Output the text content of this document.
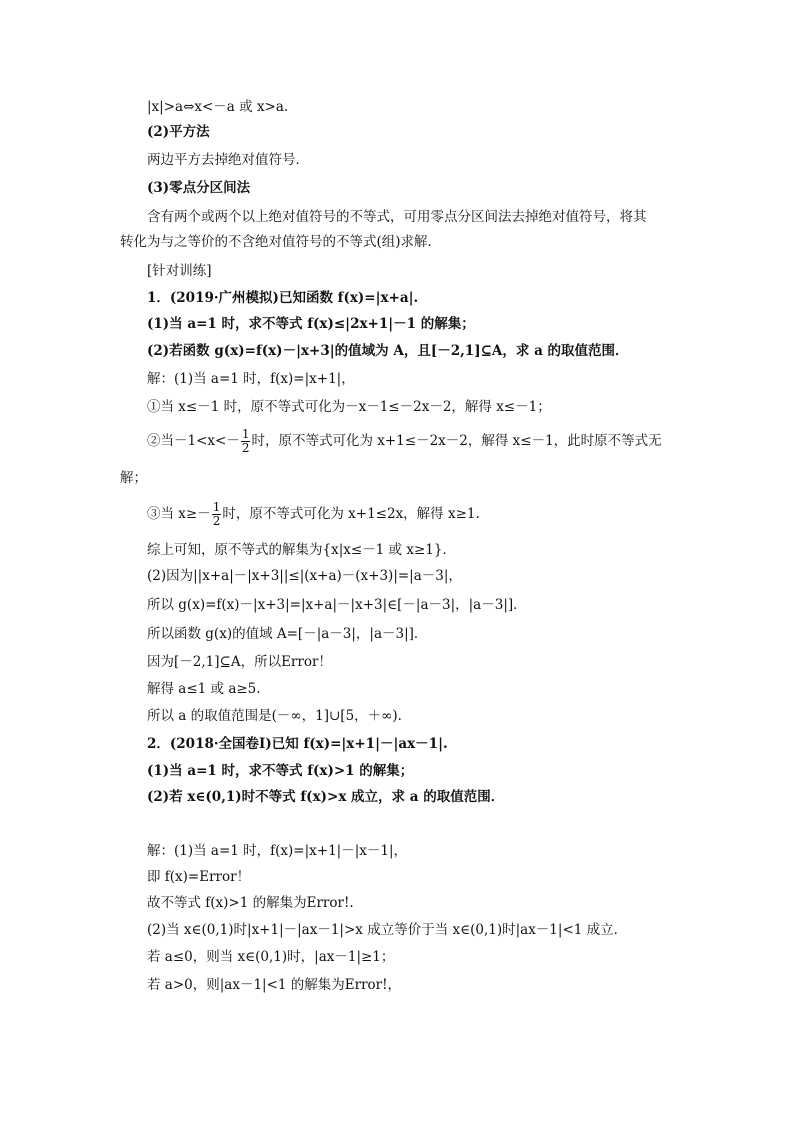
|x|>a⇔x<－a 或 x>a.
(2)平方法
两边平方去掉绝对值符号．
(3)零点分区间法
含有两个或两个以上绝对值符号的不等式，可用零点分区间法去掉绝对值符号，将其
转化为与之等价的不含绝对值符号的不等式(组)求解．
[针对训练]
1．(2019·广州模拟)已知函数 f(x)=|x+a|.
(1)当 a=1 时，求不等式 f(x)≤|2x+1|－1 的解集；
(2)若函数 g(x)=f(x)－|x+3|的值域为 A，且[－2,1]⊆A，求 a 的取值范围．
解：(1)当 a=1 时，f(x)=|x+1|，
①当 x≤－1 时，原不等式可化为－x－1≤－2x－2，解得 x≤－1；
②当$-1<x<- \frac{1}{2}$ 时，原不等式可化为 x+1≤－2x－2，解得 x≤－1，此时原不等式无
解；
③当 $x\ge- \frac{1}{2}$ 时，原不等式可化为 x+1≤2x，解得 x≥1.
综上可知，原不等式的解集为{x|x≤－1 或 x≥1}．
(2)因为||x+a|－|x+3||≤|(x+a)－(x+3)|=|a－3|，
所以 g(x)=f(x)－|x+3|=|x+a|－|x+3|∈[－|a－3|，|a－3|]．
所以函数 g(x)的值域 A=[－|a－3|，|a－3|]．
因为[－2,1]⊆A，所以Error！
解得 a≤1 或 a≥5.
所以 a 的取值范围是(－∞，1]∪[5，＋∞)．
2．(2018·全国卷Ⅰ)已知 f(x)=|x+1|－|ax－1|.
(1)当 a=1 时，求不等式 f(x)>1 的解集；
(2)若 x∈(0,1)时不等式 f(x)>x 成立，求 a 的取值范围．
解：(1)当 a=1 时，f(x)=|x+1|－|x－1|，
即 f(x)=Error！
故不等式 f(x)>1 的解集为Error!.
(2)当 x∈(0,1)时|x+1|－|ax－1|>x 成立等价于当 x∈(0,1)时|ax－1|<1 成立．
若 a≤0，则当 x∈(0,1)时，|ax－1|≥1；
若 a>0，则|ax－1|<1 的解集为Error!，
